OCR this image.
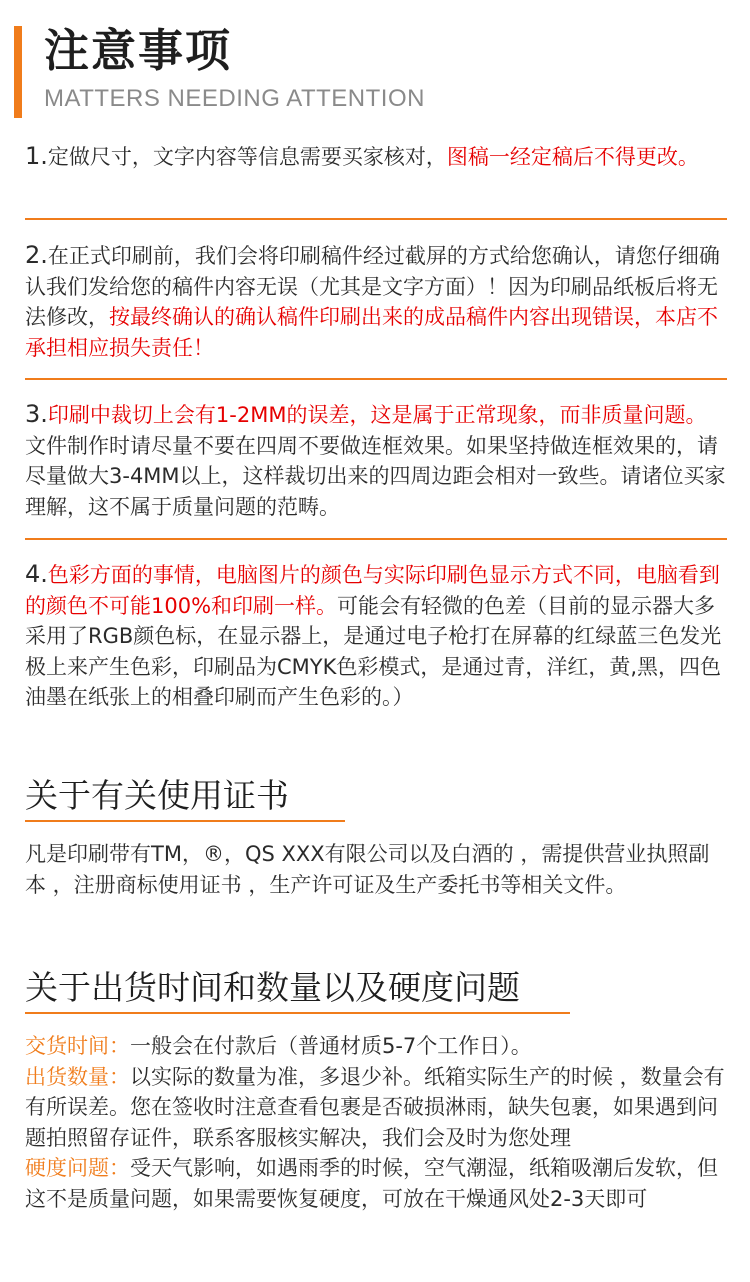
注意事项
MATTERS NEEDING ATTENTION
1.定做尺寸，文字内容等信息需要买家核对，图稿一经定稿后不得更改。
2.在正式印刷前，我们会将印刷稿件经过截屏的方式给您确认，请您仔细确认我们发给您的稿件内容无误（尤其是文字方面）！因为印刷品纸板后将无法修改，按最终确认的确认稿件印刷出来的成品稿件内容出现错误，本店不承担相应损失责任！
3.印刷中裁切上会有1-2MM的误差，这是属于正常现象，而非质量问题。文件制作时请尽量不要在四周不要做连框效果。如果坚持做连框效果的，请尽量做大3-4MM以上，这样裁切出来的四周边距会相对一致些。请诸位买家理解，这不属于质量问题的范畴。
4.色彩方面的事情，电脑图片的颜色与实际印刷色显示方式不同，电脑看到的颜色不可能100%和印刷一样。可能会有轻微的色差（目前的显示器大多采用了RGB颜色标，在显示器上，是通过电子枪打在屏幕的红绿蓝三色发光极上来产生色彩，印刷品为CMYK色彩模式，是通过青，洋红，黄,黑，四色油墨在纸张上的相叠印刷而产生色彩的。）
关于有关使用证书
凡是印刷带有TM，®，QS XXX有限公司以及白酒的 ，需提供营业执照副本 ，注册商标使用证书 ，生产许可证及生产委托书等相关文件。
关于出货时间和数量以及硬度问题
交货时间：一般会在付款后（普通材质5-7个工作日）。
出货数量：以实际的数量为准，多退少补。纸箱实际生产的时候 ，数量会有有所误差。您在签收时注意查看包裹是否破损淋雨，缺失包裹，如果遇到问题拍照留存证件，联系客服核实解决，我们会及时为您处理
硬度问题：受天气影响，如遇雨季的时候，空气潮湿，纸箱吸潮后发软，但这不是质量问题，如果需要恢复硬度，可放在干燥通风处2-3天即可
